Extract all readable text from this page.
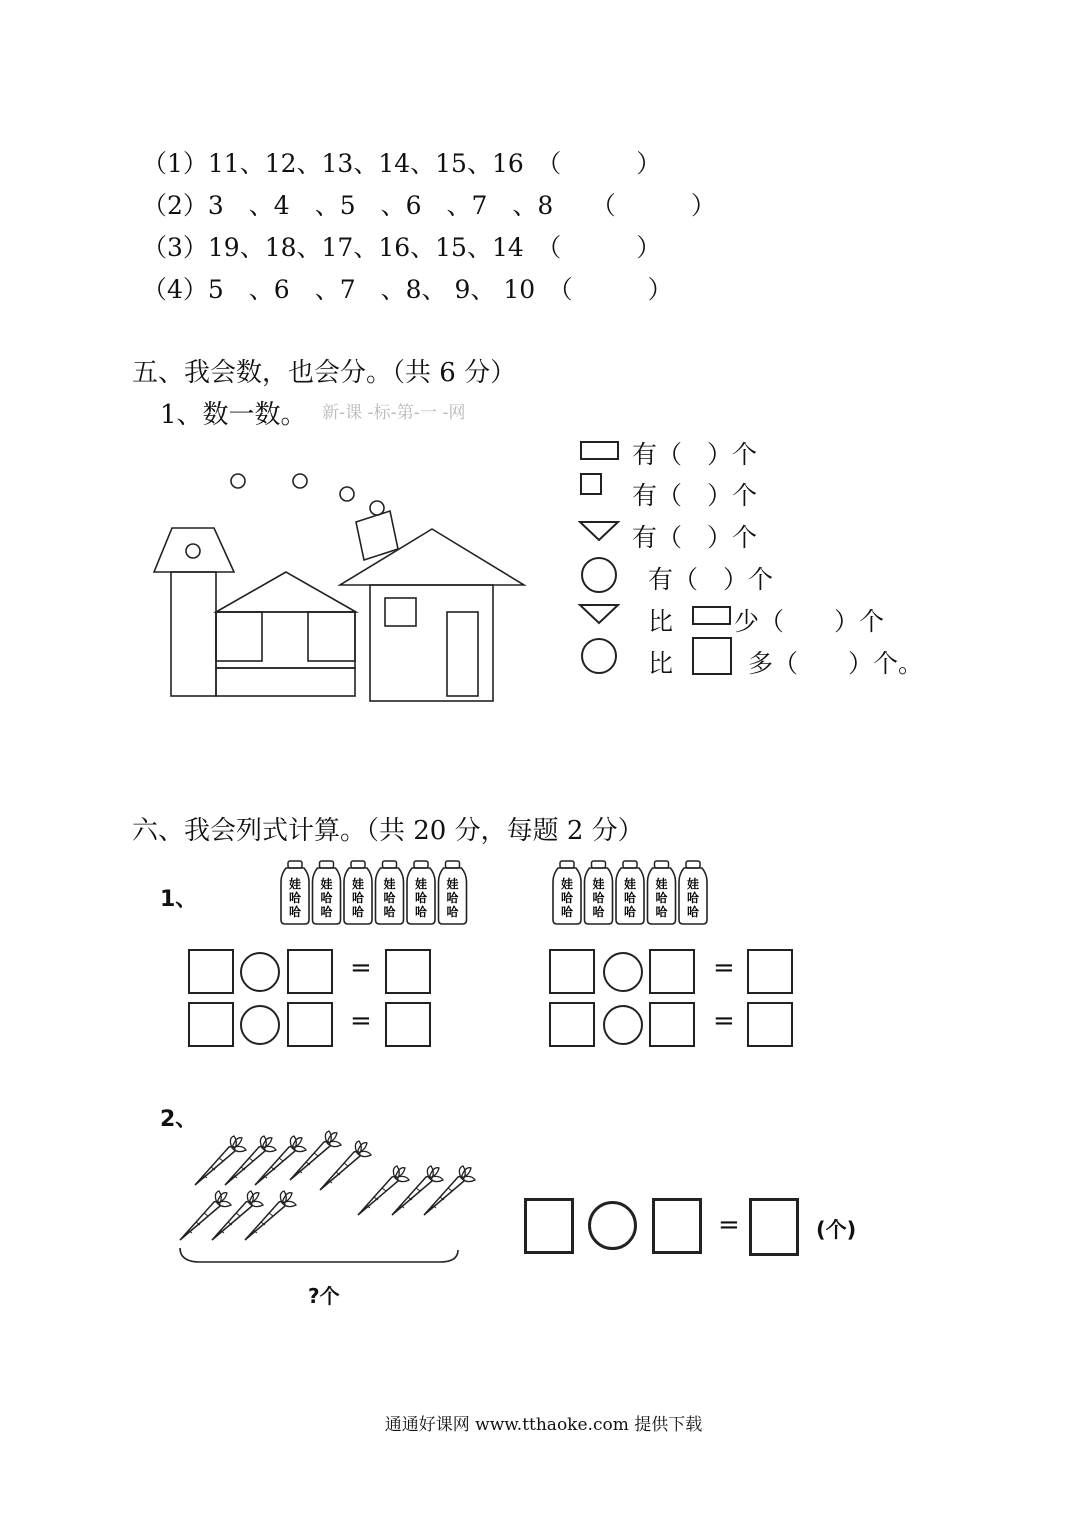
（1）11、12、13、14、15、16　（　　　）
（2）3　、4　、5　、6　、7　、8　　（　　　）
（3）19、18、17、16、15、14　（　　　）
（4）5　、6　、7　、8、 9、 10　（　　　）
五、我会数，也会分。（共 6 分）
1、数一数。 新-课 -标-第-一 -网
有（　）个
有（　）个
有（　）个
有（　）个
比 少（　　）个
比	多（　　）个。
六、我会列式计算。（共 20 分，每题 2 分）
1、
娃
哈
哈
娃
哈
哈
娃
哈
哈
娃
哈
哈
娃
哈
哈
娃
哈
哈
娃
哈
哈
娃
哈
哈
娃
哈
哈
娃
哈
哈
娃
哈
哈
=
=
=
=
2、
?个
=	(个)
通通好课网 www.tthaoke.com 提供下载
